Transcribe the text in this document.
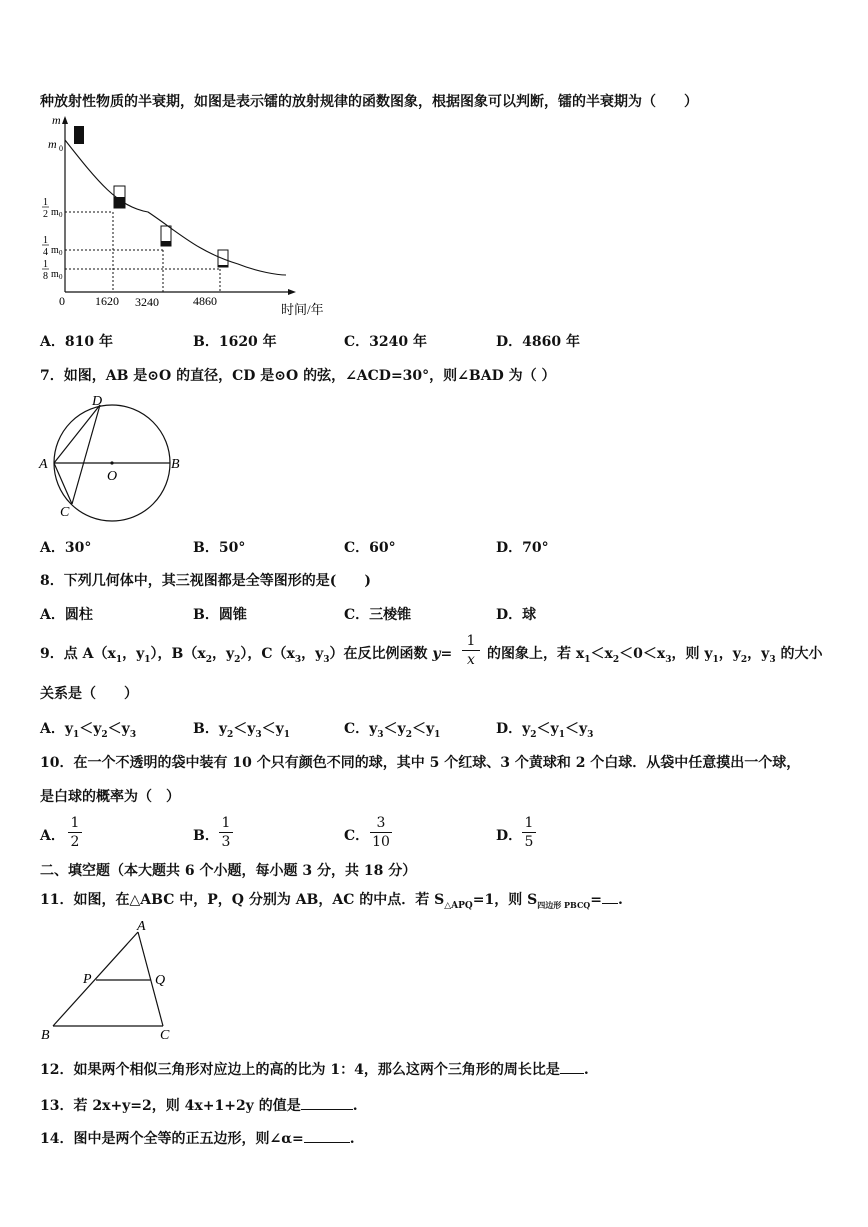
种放射性物质的半衰期，如图是表示镭的放射规律的函数图象，根据图象可以判断，镭的半衰期为（　　）
m
m 0
1
2 m 0
1
4 m 0
1
8 m 0
0	1620 3240	4860
时间/年
A．810 年	B．1620 年	C．3240 年	D．4860 年
7．如图，AB 是⊙O 的直径，CD 是⊙O 的弦，∠ACD=30°，则∠BAD 为（ ）
D
A	B
O
C
A．30°	B．50°	C．60°	D．70°
8．下列几何体中，其三视图都是全等图形的是(　　)
A．圆柱	B．圆锥	C．三棱锥	D．球
9．点 $A(x_1$，$y_1$），$B(x_2$，$y_2$），$C(x_3$，$y_3$）在反比例函数 $y= \frac{1}{x}$ 的图象上，若 $x_1<x_2<0<x_3$，则 $y_1$，$y_2$，$y_3$ 的大小
关系是（　　）
A．$y_1<y_2<y_3$	B．$y_2<y_3<y_1$	C．$y_3<y_2<y_1$	D．$y_2<y_1<y_3$
10．在一个不透明的袋中装有 10 个只有颜色不同的球，其中 5 个红球、3 个黄球和 2 个白球．从袋中任意摸出一个球，
是白球的概率为（　）
A． $\frac{1}{2}$	B． $\frac{1}{3}$	C． $\frac{3}{10}$	D． $\frac{1}{5}$
二、填空题（本大题共 6 个小题，每小题 3 分，共 18 分）
11．如图，在△ABC 中，P，Q 分别为 AB，AC 的中点．若 $S_{\triangle APQ}=1$，则 $S_{四边形 PBCQ}=$ .
A
P	Q
B	C
12．如果两个相似三角形对应边上的高的比为 1：4，那么这两个三角形的周长比是 .
13．若 2x+y=2，则 4x+1+2y 的值是	.
14．图中是两个全等的正五边形，则∠α=	.
